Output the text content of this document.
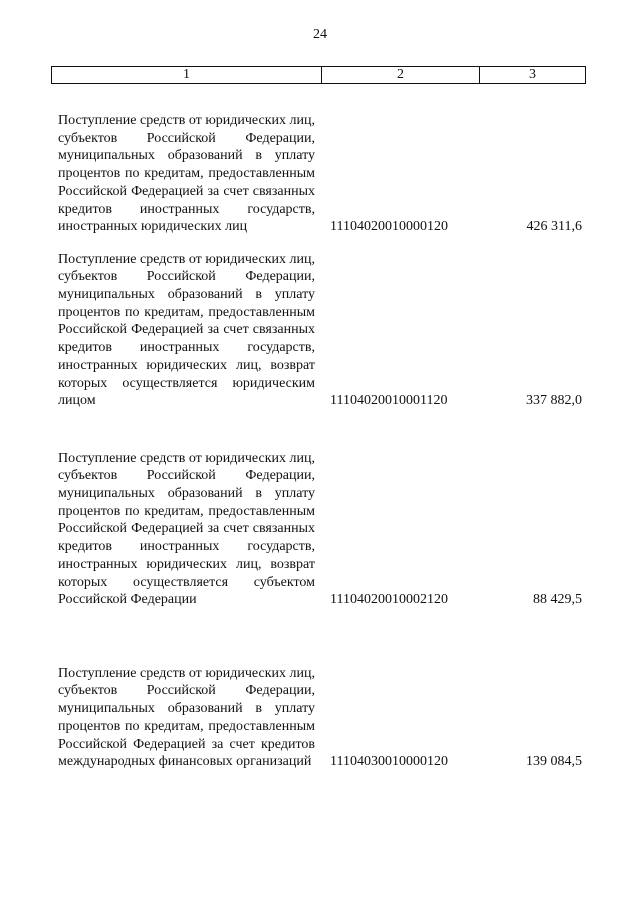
24
1	2	3
Поступление средств от юридических лиц, субъектов Российской Федерации, муниципальных образований в уплату процентов по кредитам, предоставленным Российской Федерацией за счет связанных кредитов иностранных государств, иностранных юридических лиц	11104020010000120	426 311,6
Поступление средств от юридических лиц, субъектов Российской Федерации, муниципальных образований в уплату процентов по кредитам, предоставленным Российской Федерацией за счет связанных кредитов иностранных государств, иностранных юридических лиц, возврат которых осуществляется юридическим лицом	11104020010001120	337 882,0
Поступление средств от юридических лиц, субъектов Российской Федерации, муниципальных образований в уплату процентов по кредитам, предоставленным Российской Федерацией за счет связанных кредитов иностранных государств, иностранных юридических лиц, возврат которых осуществляется субъектом Российской Федерации	11104020010002120	88 429,5
Поступление средств от юридических лиц, субъектов Российской Федерации, муниципальных образований в уплату процентов по кредитам, предоставленным Российской Федерацией за счет кредитов международных финансовых организаций 11104030010000120	139 084,5
